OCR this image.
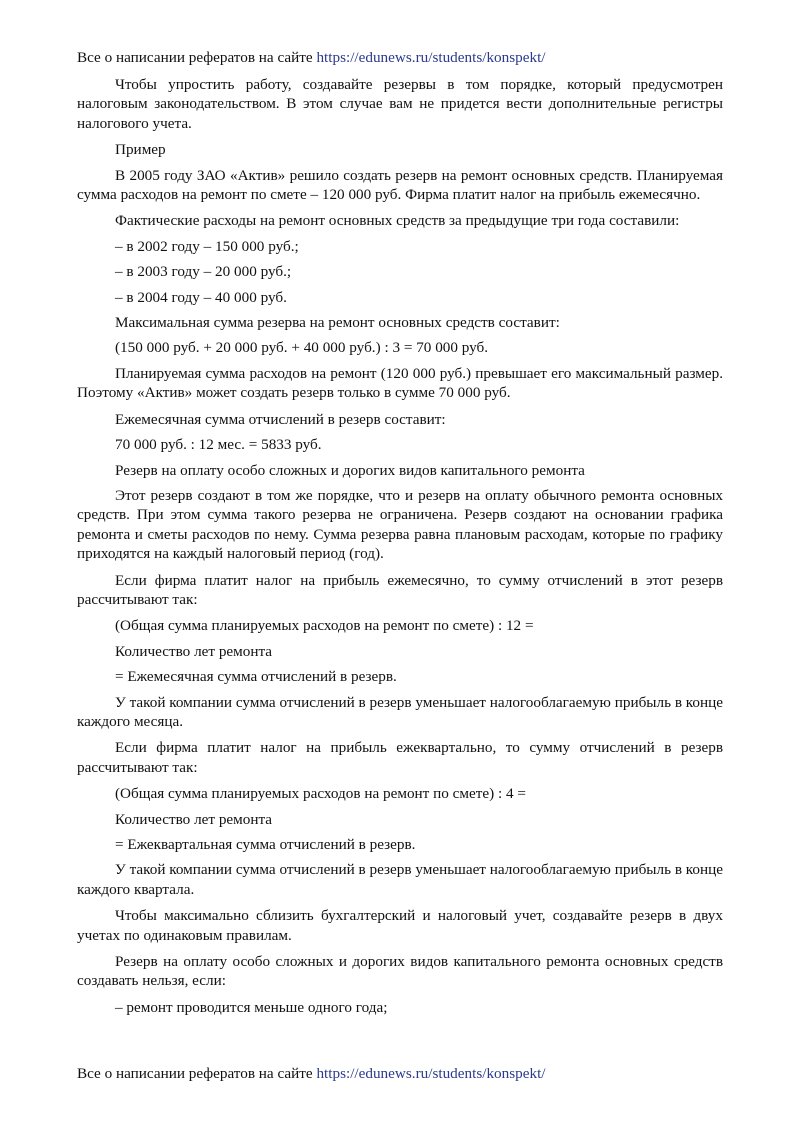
Все о написании рефератов на сайте https://edunews.ru/students/konspekt/

Чтобы упростить работу, создавайте резервы в том порядке, который предусмотрен налоговым законодательством. В этом случае вам не придется вести дополнительные регистры налогового учета.

Пример

В 2005 году ЗАО «Актив» решило создать резерв на ремонт основных средств. Планируемая сумма расходов на ремонт по смете – 120 000 руб. Фирма платит налог на прибыль ежемесячно.

Фактические расходы на ремонт основных средств за предыдущие три года составили:

– в 2002 году – 150 000 руб.;

– в 2003 году – 20 000 руб.;

– в 2004 году – 40 000 руб.

Максимальная сумма резерва на ремонт основных средств составит:

(150 000 руб. + 20 000 руб. + 40 000 руб.) : 3 = 70 000 руб.

Планируемая сумма расходов на ремонт (120 000 руб.) превышает его максимальный размер. Поэтому «Актив» может создать резерв только в сумме 70 000 руб.

Ежемесячная сумма отчислений в резерв составит:

70 000 руб. : 12 мес. = 5833 руб.

Резерв на оплату особо сложных и дорогих видов капитального ремонта

Этот резерв создают в том же порядке, что и резерв на оплату обычного ремонта основных средств. При этом сумма такого резерва не ограничена. Резерв создают на основании графика ремонта и сметы расходов по нему. Сумма резерва равна плановым расходам, которые по графику приходятся на каждый налоговый период (год).

Если фирма платит налог на прибыль ежемесячно, то сумму отчислений в этот резерв рассчитывают так:

(Общая сумма планируемых расходов на ремонт по смете) : 12 =

Количество лет ремонта

= Ежемесячная сумма отчислений в резерв.

У такой компании сумма отчислений в резерв уменьшает налогооблагаемую прибыль в конце каждого месяца.

Если фирма платит налог на прибыль ежеквартально, то сумму отчислений в резерв рассчитывают так:

(Общая сумма планируемых расходов на ремонт по смете) : 4 =

Количество лет ремонта

= Ежеквартальная сумма отчислений в резерв.

У такой компании сумма отчислений в резерв уменьшает налогооблагаемую прибыль в конце каждого квартала.

Чтобы максимально сблизить бухгалтерский и налоговый учет, создавайте резерв в двух учетах по одинаковым правилам.

Резерв на оплату особо сложных и дорогих видов капитального ремонта основных средств создавать нельзя, если:

– ремонт проводится меньше одного года;

Все о написании рефератов на сайте https://edunews.ru/students/konspekt/
